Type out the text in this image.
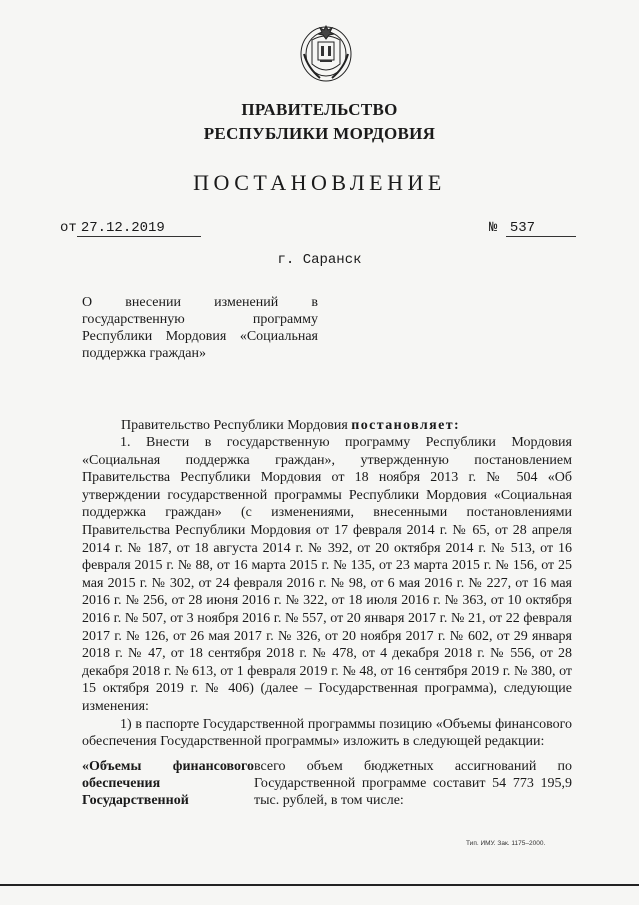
ПРАВИТЕЛЬСТВО
РЕСПУБЛИКИ МОРДОВИЯ
ПОСТАНОВЛЕНИЕ
от 27.12.2019	№ 537
г. Саранск
О внесении изменений в государственную программу Республики Мордовия «Социальная поддержка граждан»
Правительство Республики Мордовия постановляет:

1. Внести в государственную программу Республики Мордовия «Социальная поддержка граждан», утвержденную постановлением Правительства Республики Мордовия от 18 ноября 2013 г. № 504 «Об утверждении государственной программы Республики Мордовия «Социальная поддержка граждан» (с изменениями, внесенными постановлениями Правительства Республики Мордовия от 17 февраля 2014 г. № 65, от 28 апреля 2014 г. № 187, от 18 августа 2014 г. № 392, от 20 октября 2014 г. № 513, от 16 февраля 2015 г. № 88, от 16 марта 2015 г. № 135, от 23 марта 2015 г. № 156, от 25 мая 2015 г. № 302, от 24 февраля 2016 г. № 98, от 6 мая 2016 г. № 227, от 16 мая 2016 г. № 256, от 28 июня 2016 г. № 322, от 18 июля 2016 г. № 363, от 10 октября 2016 г. № 507, от 3 ноября 2016 г. № 557, от 20 января 2017 г. № 21, от 22 февраля 2017 г. № 126, от 26 мая 2017 г. № 326, от 20 ноября 2017 г. № 602, от 29 января 2018 г. № 47, от 18 сентября 2018 г. № 478, от 4 декабря 2018 г. № 556, от 28 декабря 2018 г. № 613, от 1 февраля 2019 г. № 48, от 16 сентября 2019 г. № 380, от 15 октября 2019 г. № 406) (далее – Государственная программа), следующие изменения:

1) в паспорте Государственной программы позицию «Объемы финансового обеспечения Государственной программы» изложить в следующей редакции:

«Объемы финансового обеспечения Государственной	всего объем бюджетных ассигнований по Государственной программе составит 54 773 195,9 тыс. рублей, в том числе:
Тип. ИМУ. Зак. 1175–2000.
